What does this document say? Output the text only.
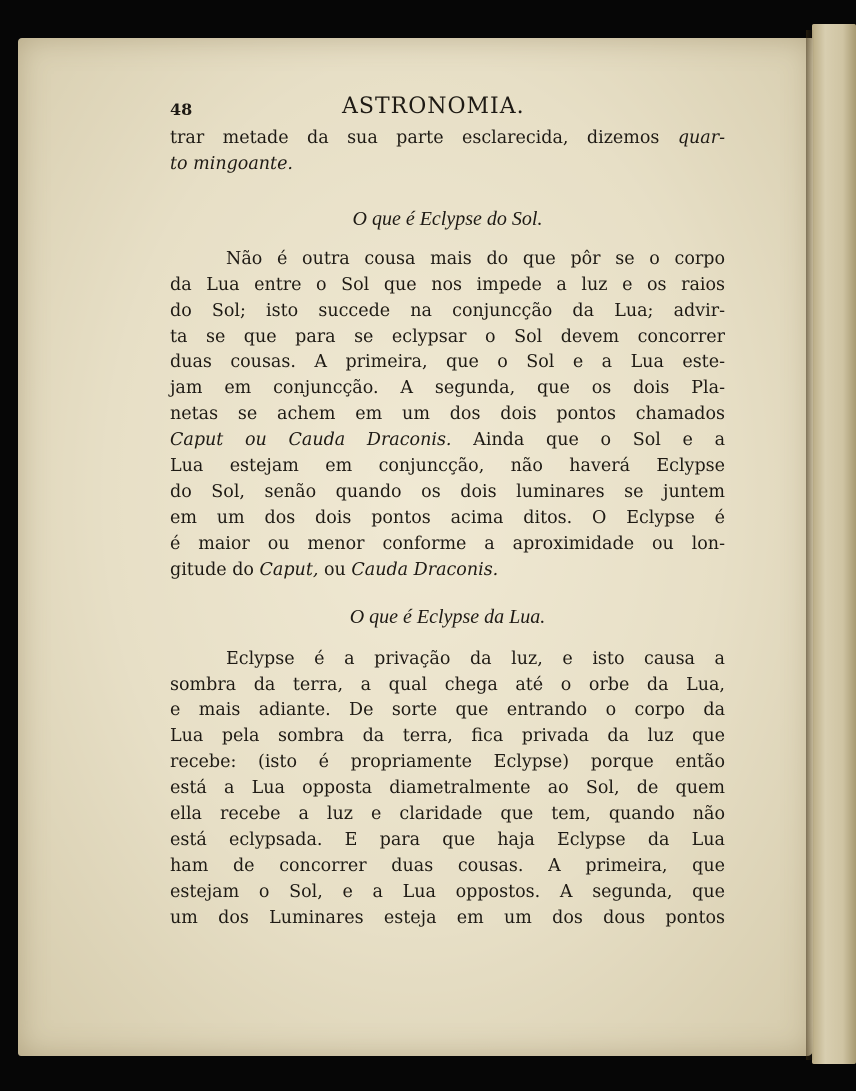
48	ASTRONOMIA.

trar metade da sua parte esclarecida, dizemos quar-
to mingoante.

O que é Eclypse do Sol.

Não é outra cousa mais do que pôr se o corpo
da Lua entre o Sol que nos impede a luz e os raios
do Sol; isto succede na conjuncção da Lua; advir-
ta se que para se eclypsar o Sol devem concorrer
duas cousas. A primeira, que o Sol e a Lua este-
jam em conjuncção. A segunda, que os dois Pla-
netas se achem em um dos dois pontos chamados
Caput ou Cauda Draconis. Ainda que o Sol e a
Lua estejam em conjuncção, não haverá Eclypse
do Sol, senão quando os dois luminares se juntem
em um dos dois pontos acima ditos. O Eclypse é
é maior ou menor conforme a aproximidade ou lon-
gitude do Caput, ou Cauda Draconis.

O que é Eclypse da Lua.

Eclypse é a privação da luz, e isto causa a
sombra da terra, a qual chega até o orbe da Lua,
e mais adiante. De sorte que entrando o corpo da
Lua pela sombra da terra, fica privada da luz que
recebe: (isto é propriamente Eclypse) porque então
está a Lua opposta diametralmente ao Sol, de quem
ella recebe a luz e claridade que tem, quando não
está eclypsada. E para que haja Eclypse da Lua
ham de concorrer duas cousas. A primeira, que
estejam o Sol, e a Lua oppostos. A segunda, que
um dos Luminares esteja em um dos dous pontos
